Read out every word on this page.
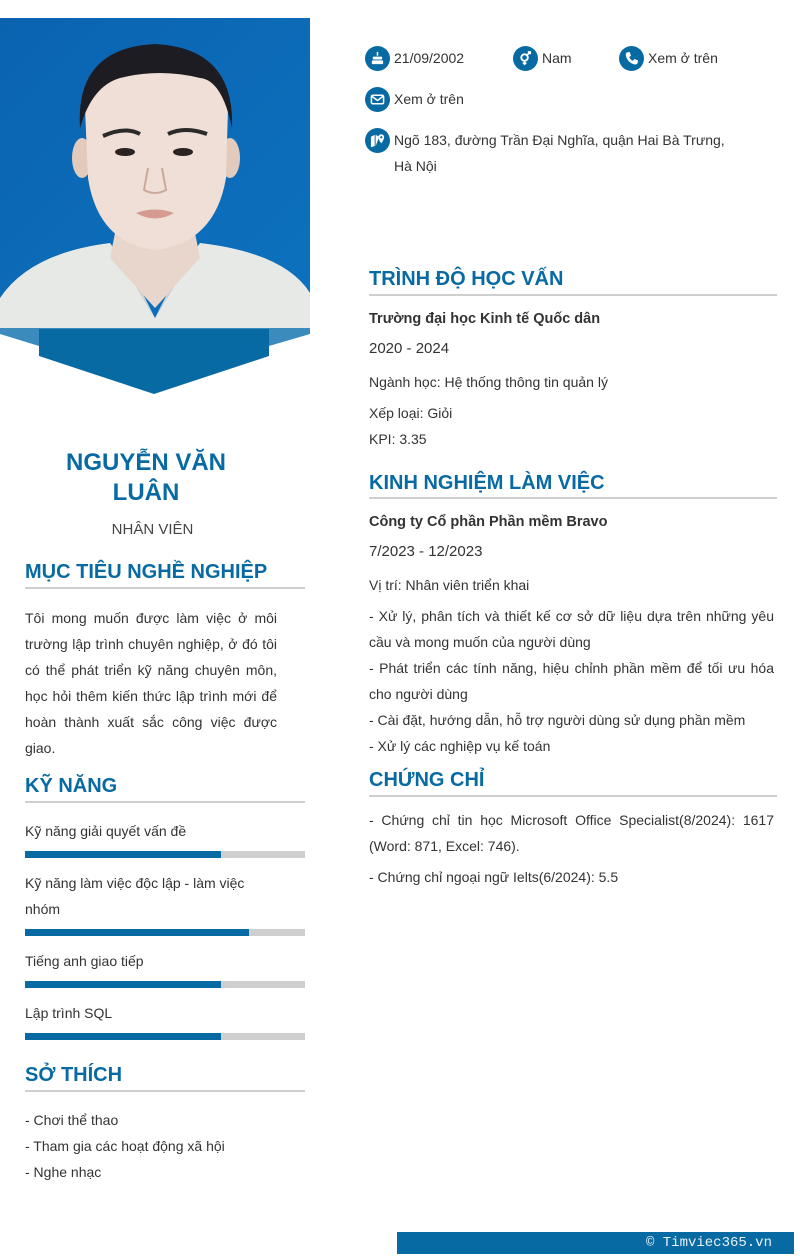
NGUYỄN VĂN
LUÂN
NHÂN VIÊN
MỤC TIÊU NGHỀ NGHIỆP
Tôi mong muốn được làm việc ở môi trường lập trình chuyên nghiệp, ở đó tôi có thể phát triển kỹ năng chuyên môn, học hỏi thêm kiến thức lập trình mới để hoàn thành xuất sắc công việc được giao.
KỸ NĂNG
Kỹ năng giải quyết vấn đề
Kỹ năng làm việc độc lập - làm việc nhóm
Tiếng anh giao tiếp
Lập trình SQL
SỞ THÍCH
- Chơi thể thao
- Tham gia các hoạt động xã hội
- Nghe nhạc
21/09/2002	Nam	Xem ở trên
Xem ở trên
Ngõ 183, đường Trần Đại Nghĩa, quận Hai Bà Trưng, Hà Nội
TRÌNH ĐỘ HỌC VẤN
Trường đại học Kinh tế Quốc dân
2020 - 2024
Ngành học: Hệ thống thông tin quản lý
Xếp loại: Giỏi
KPI: 3.35
KINH NGHIỆM LÀM VIỆC
Công ty Cổ phần Phần mềm Bravo
7/2023 - 12/2023
Vị trí: Nhân viên triển khai
- Xử lý, phân tích và thiết kế cơ sở dữ liệu dựa trên những yêu cầu và mong muốn của người dùng
- Phát triển các tính năng, hiệu chỉnh phần mềm để tối ưu hóa cho người dùng
- Cài đặt, hướng dẫn, hỗ trợ người dùng sử dụng phần mềm
- Xử lý các nghiệp vụ kế toán
CHỨNG CHỈ
- Chứng chỉ tin học Microsoft Office Specialist(8/2024): 1617 (Word: 871, Excel: 746).
- Chứng chỉ ngoại ngữ Ielts(6/2024): 5.5
© Timviec365.vn
